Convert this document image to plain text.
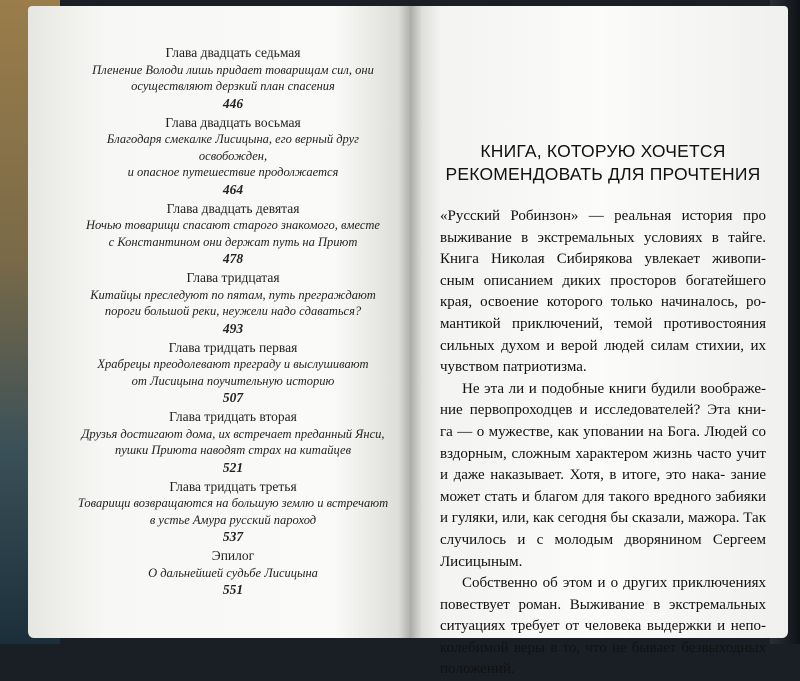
Глава двадцать седьмая
Пленение Володи лишь придает товарищам сил, они
осуществляют дерзкий план спасения
446
Глава двадцать восьмая
Благодаря смекалке Лисицына, его верный друг освобожден,
и опасное путешествие продолжается
464
Глава двадцать девятая
Ночью товарищи спасают старого знакомого, вместе
с Константином они держат путь на Приют
478
Глава тридцатая
Китайцы преследуют по пятам, путь преграждают
пороги большой реки, неужели надо сдаваться?
493
Глава тридцать первая
Храбрецы преодолевают преграду и выслушивают
от Лисицына поучительную историю
507
Глава тридцать вторая
Друзья достигают дома, их встречает преданный Янси,
пушки Приюта наводят страх на китайцев
521
Глава тридцать третья
Товарищи возвращаются на большую землю и встречают
в устье Амура русский пароход
537
Эпилог
О дальнейшей судьбе Лисицына
551
КНИГА, КОТОРУЮ ХОЧЕТСЯ
РЕКОМЕНДОВАТЬ ДЛЯ ПРОЧТЕНИЯ

«Русский Робинзон» — реальная история про выживание в экстремальных условиях в тайге. Книга Николая Сибирякова увлекает живопи- сным описанием диких просторов богатейшего края, освоение которого только начиналось, ро- мантикой приключений, темой противостояния сильных духом и верой людей силам стихии, их чувством патриотизма.

Не эта ли и подобные книги будили воображе- ние первопроходцев и исследователей? Эта кни- га — о мужестве, как уповании на Бога. Людей со вздорным, сложным характером жизнь часто учит и даже наказывает. Хотя, в итоге, это нака- зание может стать и благом для такого вредного забияки и гуляки, или, как сегодня бы сказали, мажора. Так случилось и с молодым дворянином Сергеем Лисицыным.

Собственно об этом и о других приключениях повествует роман. Выживание в экстремальных ситуациях требует от человека выдержки и непо- колебимой веры в то, что не бывает безвыходных положений.
